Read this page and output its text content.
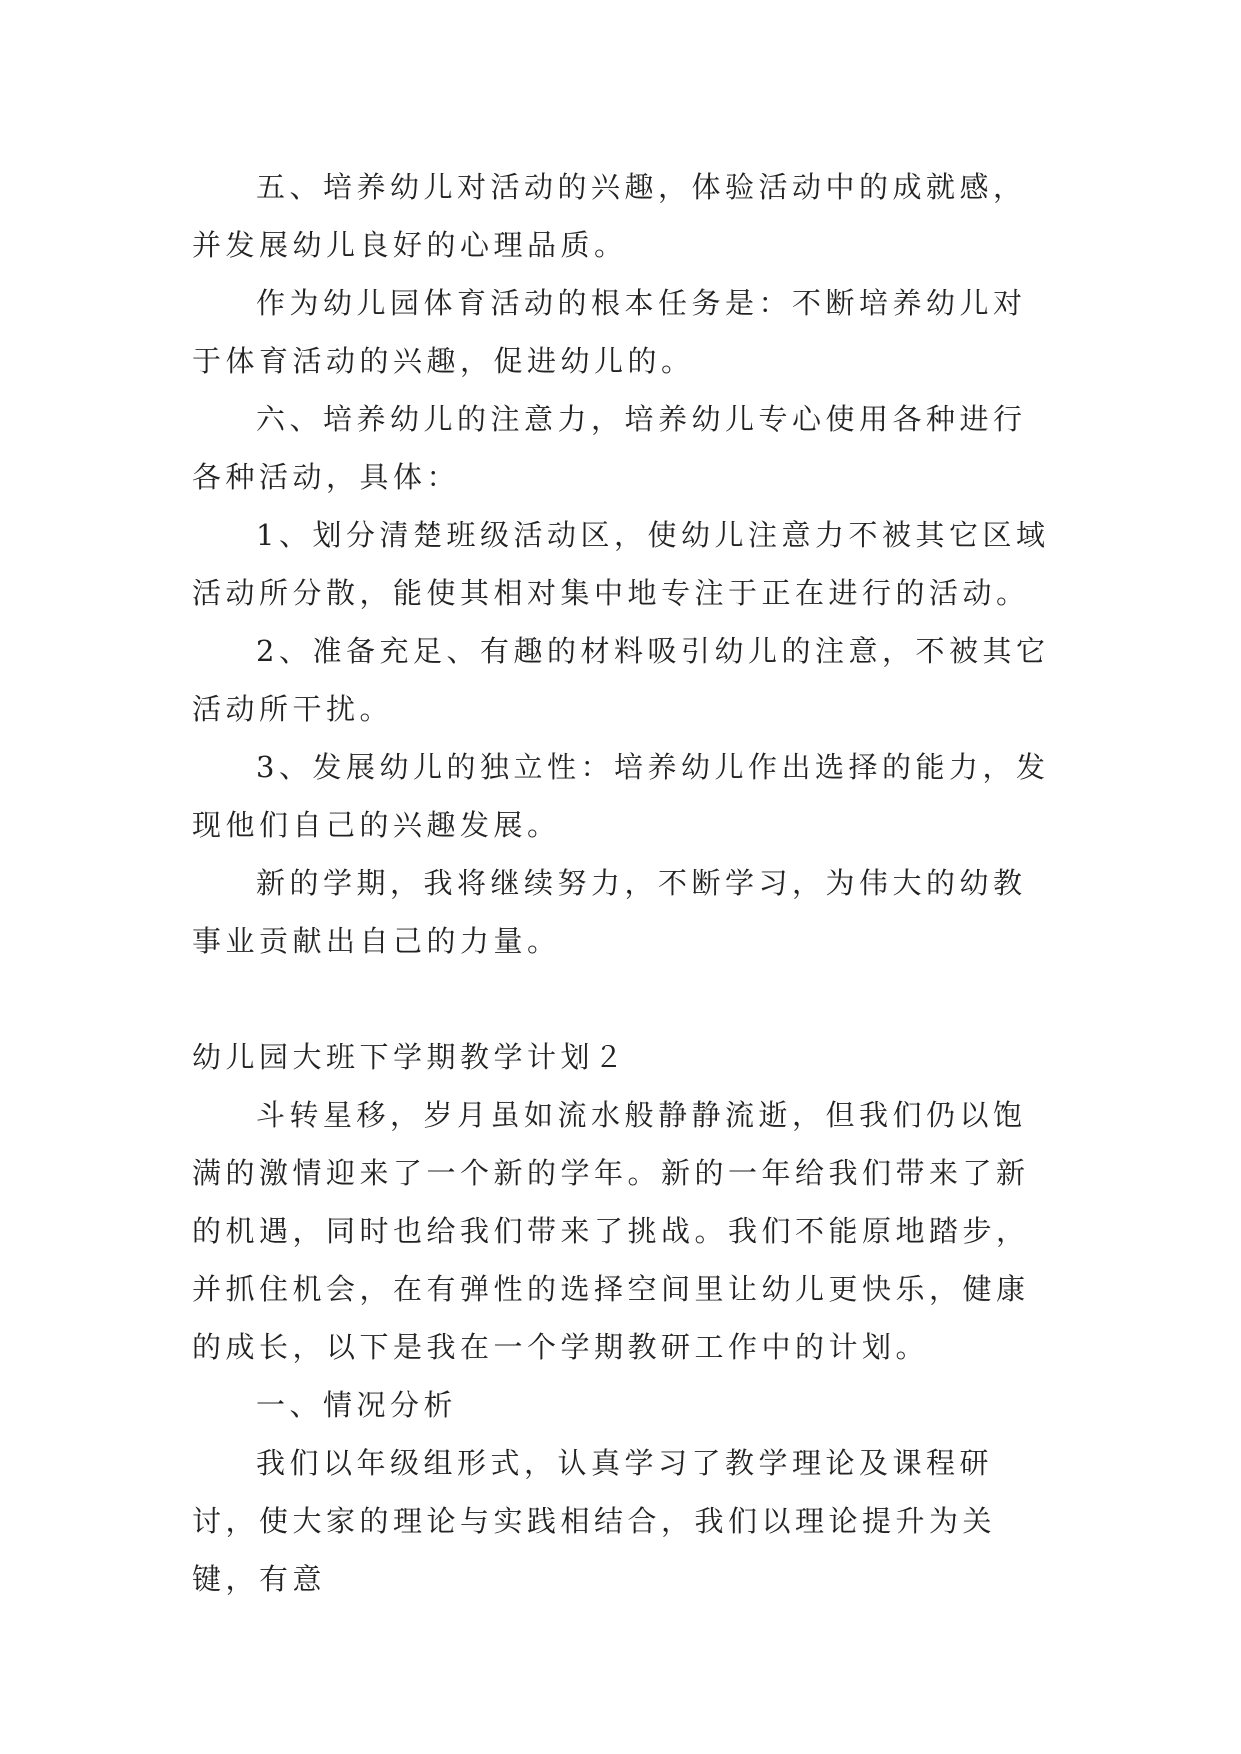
五、培养幼儿对活动的兴趣，体验活动中的成就感，并发展幼儿良好的心理品质。

作为幼儿园体育活动的根本任务是：不断培养幼儿对于体育活动的兴趣，促进幼儿的。

六、培养幼儿的注意力，培养幼儿专心使用各种进行各种活动，具体：

1、划分清楚班级活动区，使幼儿注意力不被其它区域活动所分散，能使其相对集中地专注于正在进行的活动。

2、准备充足、有趣的材料吸引幼儿的注意，不被其它活动所干扰。

3、发展幼儿的独立性：培养幼儿作出选择的能力，发现他们自己的兴趣发展。

新的学期，我将继续努力，不断学习，为伟大的幼教事业贡献出自己的力量。

幼儿园大班下学期教学计划２

斗转星移，岁月虽如流水般静静流逝，但我们仍以饱满的激情迎来了一个新的学年。新的一年给我们带来了新的机遇，同时也给我们带来了挑战。我们不能原地踏步，并抓住机会，在有弹性的选择空间里让幼儿更快乐，健康的成长，以下是我在一个学期教研工作中的计划。

一、情况分析

我们以年级组形式，认真学习了教学理论及课程研讨，使大家的理论与实践相结合，我们以理论提升为关键，有意
